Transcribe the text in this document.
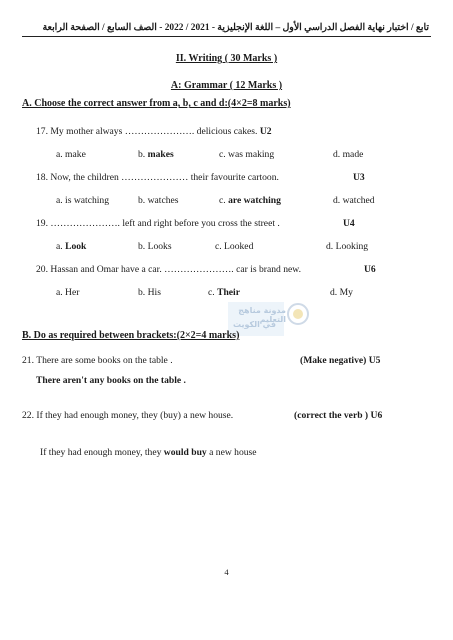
تابع / اختبار نهاية الفصل الدراسي الأول – اللغة الإنجليزية - 2021 / 2022 - الصف السابع / الصفحة الرابعة
II. Writing ( 30 Marks )
A: Grammar ( 12 Marks )
A. Choose the correct answer from a, b, c and d:(4×2=8 marks)
17. My mother always …………………. delicious cakes. U2
a. make	b. makes	c. was making	d. made
18. Now, the children ………………… their favourite cartoon.	U3
a. is watching	b. watches	c. are watching	d. watched
19. …………………. left and right before you cross the street .	U4
a. Look	b. Looks	c. Looked	d. Looking
20. Hassan and Omar have a car. …………………. car is brand new.	U6
a. Her	b. His	c. Their	d. My
مدونة مناهج التعليم
في الكويت
B. Do as required between brackets:(2×2=4 marks)
21. There are some books on the table .	(Make negative) U5
There aren't any books on the table .
22. If they had enough money, they (buy) a new house.	(correct the verb ) U6
If they had enough money, they would buy a new house
4
